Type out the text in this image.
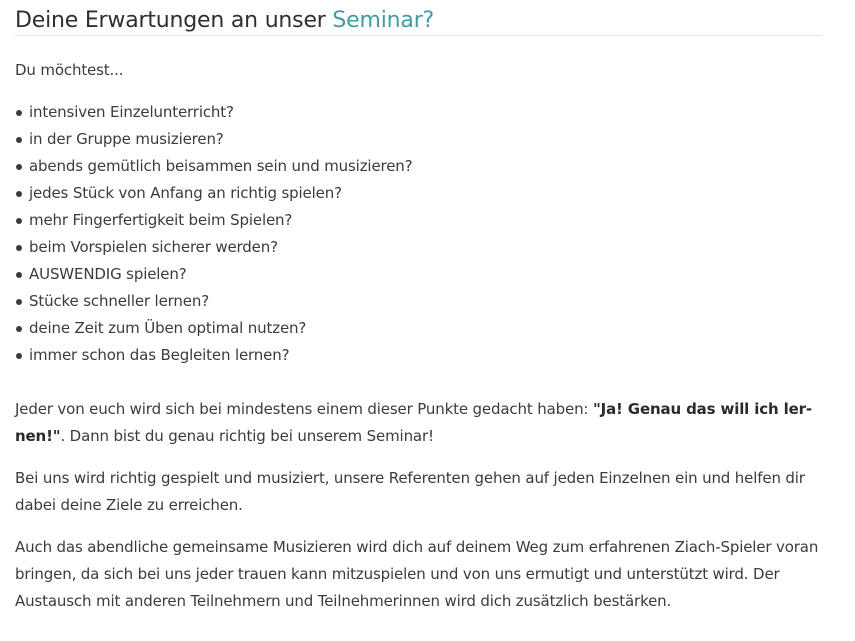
Deine Erwartungen an unser Seminar?

Du möchtest...

intensiven Einzelunterricht?
in der Gruppe musizieren?
abends gemütlich beisammen sein und musizieren?
jedes Stück von Anfang an richtig spielen?
mehr Fingerfertigkeit beim Spielen?
beim Vorspielen sicherer werden?
AUSWENDIG spielen?
Stücke schneller lernen?
deine Zeit zum Üben optimal nutzen?
immer schon das Begleiten lernen?

Jeder von euch wird sich bei mindestens einem dieser Punkte gedacht haben: "Ja! Genau das will ich ler-nen!". Dann bist du genau richtig bei unserem Seminar!

Bei uns wird richtig gespielt und musiziert, unsere Referenten gehen auf jeden Einzelnen ein und helfen dir dabei deine Ziele zu erreichen.

Auch das abendliche gemeinsame Musizieren wird dich auf deinem Weg zum erfahrenen Ziach-Spieler voran bringen, da sich bei uns jeder trauen kann mitzuspielen und von uns ermutigt und unterstützt wird. Der Austausch mit anderen Teilnehmern und Teilnehmerinnen wird dich zusätzlich bestärken.
